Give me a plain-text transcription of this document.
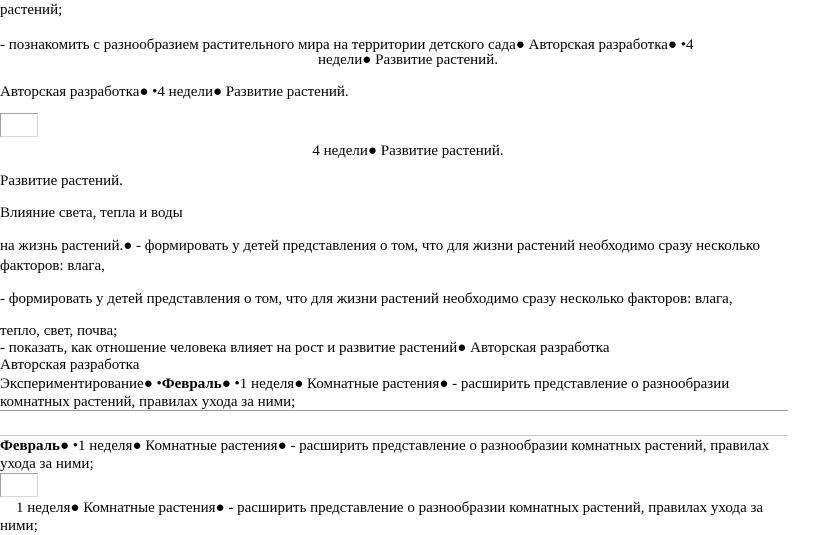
растений;
- познакомить с разнообразием растительного мира на территории детского сада● Авторская разработка● •4
недели● Развитие растений.
Авторская разработка● •4 недели● Развитие растений.
4 недели● Развитие растений.
Развитие растений.
Влияние света, тепла и воды
на жизнь растений.● - формировать у детей представления о том, что для жизни растений необходимо сразу несколько
факторов: влага,
- формировать у детей представления о том, что для жизни растений необходимо сразу несколько факторов: влага,
тепло, свет, почва;
- показать, как отношение человека влияет на рост и развитие растений● Авторская разработка
Авторская разработка
Экспериментирование● •Февраль● •1 неделя● Комнатные растения● - расширить представление о разнообразии
комнатных растений, правилах ухода за ними;
Февраль● •1 неделя● Комнатные растения● - расширить представление о разнообразии комнатных растений, правилах
ухода за ними;
1 неделя● Комнатные растения● - расширить представление о разнообразии комнатных растений, правилах ухода за
ними;
